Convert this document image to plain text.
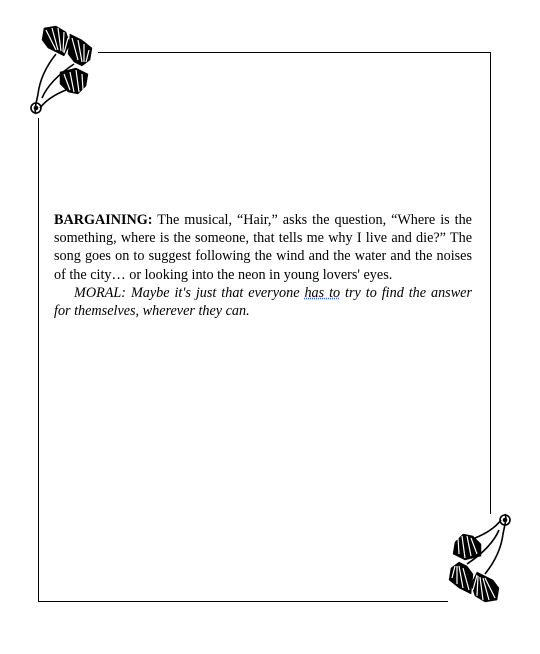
BARGAINING: The musical, “Hair,” asks the question, “Where is the something, where is the someone, that tells me why I live and die?” The song goes on to suggest following the wind and the water and the noises of the city… or looking into the neon in young lovers' eyes.

MORAL: Maybe it's just that everyone has to try to find the answer for themselves, wherever they can.
